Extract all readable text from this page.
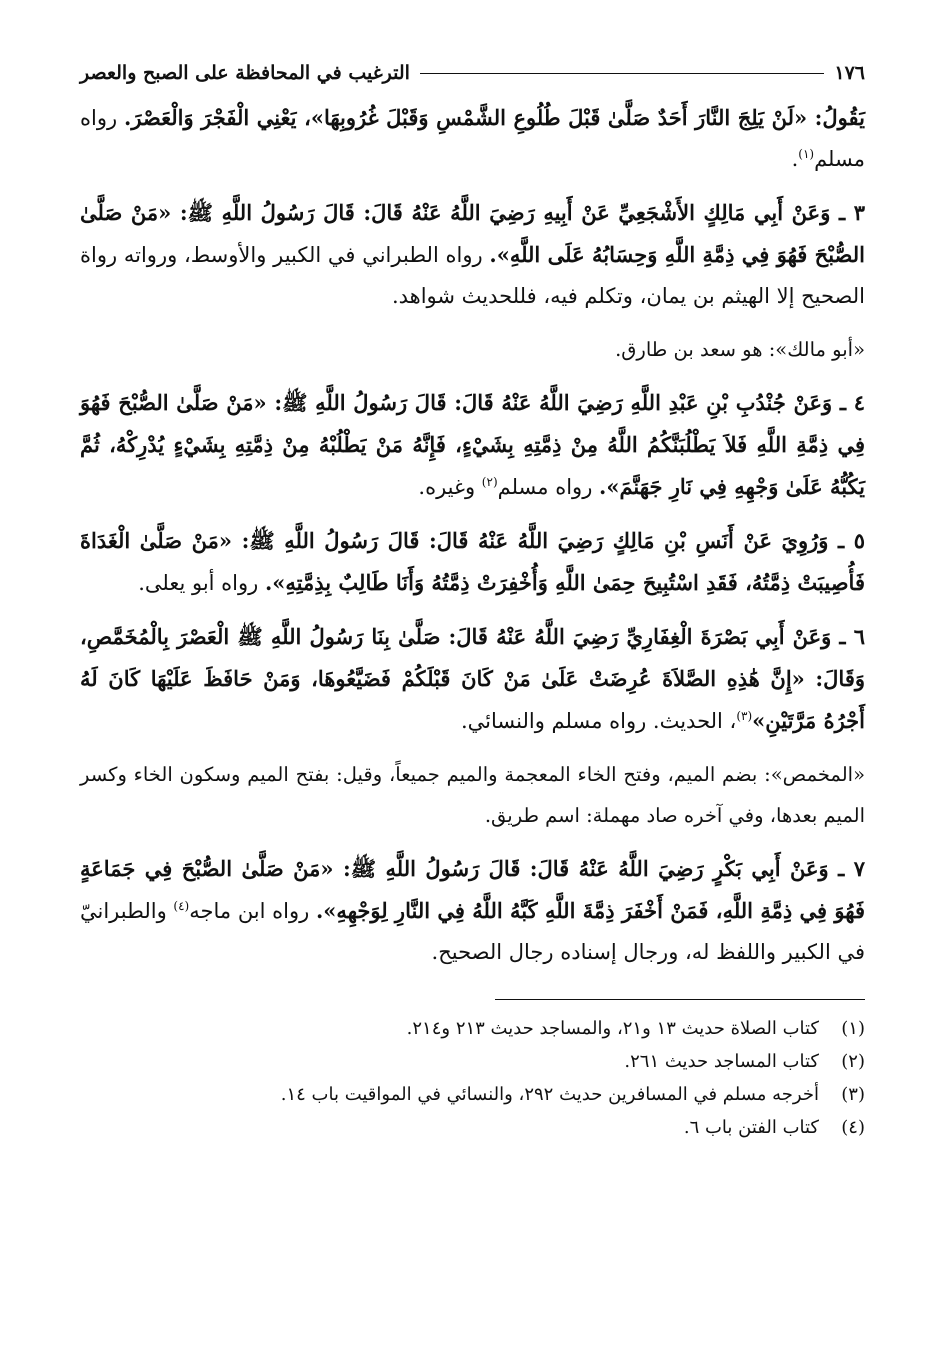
١٧٦
الترغيب في المحافظة على الصبح والعصر

يَقُولُ: «لَنْ يَلِجَ النَّارَ أَحَدٌ صَلَّىٰ قَبْلَ طُلُوعِ الشَّمْسِ وَقَبْلَ غُرُوبِهَا»، يَعْنِي الْفَجْرَ وَالْعَصْرَ. رواه مسلم$^{(١)}$.

٣ ـ وَعَنْ أَبِي مَالِكٍ الأَشْجَعِيِّ عَنْ أَبِيهِ رَضِيَ اللَّهُ عَنْهُ قَالَ: قَالَ رَسُولُ اللَّهِ ﷺ: «مَنْ صَلَّىٰ الصُّبْحَ فَهُوَ فِي ذِمَّةِ اللَّهِ وَحِسَابُهُ عَلَى اللَّهِ». رواه الطبراني في الكبير والأوسط، ورواته رواة الصحيح إلا الهيثم بن يمان، وتكلم فيه، فللحديث شواهد.

«أبو مالك»: هو سعد بن طارق.

٤ ـ وَعَنْ جُنْدُبِ بْنِ عَبْدِ اللَّهِ رَضِيَ اللَّهُ عَنْهُ قَالَ: قَالَ رَسُولُ اللَّهِ ﷺ: «مَنْ صَلَّىٰ الصُّبْحَ فَهُوَ فِي ذِمَّةِ اللَّهِ فَلاَ يَطْلُبَنَّكُمُ اللَّهُ مِنْ ذِمَّتِهِ بِشَيْءٍ، فَإِنَّهُ مَنْ يَطْلُبْهُ مِنْ ذِمَّتِهِ بِشَيْءٍ يُدْرِكْهُ، ثُمَّ يَكُبُّهُ عَلَىٰ وَجْهِهِ فِي نَارِ جَهَنَّمَ». رواه مسلم$^{(٢)}$ وغيره.

٥ ـ وَرُوِيَ عَنْ أَنَسِ بْنِ مَالِكٍ رَضِيَ اللَّهُ عَنْهُ قَالَ: قَالَ رَسُولُ اللَّهِ ﷺ: «مَنْ صَلَّىٰ الْغَدَاةَ فَأُصِيبَتْ ذِمَّتُهُ، فَقَدِ اسْتُبِيحَ حِمَىٰ اللَّهِ وَأُخْفِرَتْ ذِمَّتُهُ وَأَنَا طَالِبٌ بِذِمَّتِهِ». رواه أبو يعلى.

٦ ـ وَعَنْ أَبِي بَصْرَةَ الْغِفَارِيِّ رَضِيَ اللَّهُ عَنْهُ قَالَ: صَلَّىٰ بِنَا رَسُولُ اللَّهِ ﷺ الْعَصْرَ بِالْمُخَمَّصِ، وَقَالَ: «إِنَّ هَٰذِهِ الصَّلاَةَ عُرِضَتْ عَلَىٰ مَنْ كَانَ قَبْلَكُمْ فَضَيَّعُوهَا، وَمَنْ حَافَظَ عَلَيْهَا كَانَ لَهُ أَجْرُهُ مَرَّتَيْنِ»$^{(٣)}$، الحديث. رواه مسلم والنسائي.

«المخمص»: بضم الميم، وفتح الخاء المعجمة والميم جميعاً، وقيل: بفتح الميم وسكون الخاء وكسر الميم بعدها، وفي آخره صاد مهملة: اسم طريق.

٧ ـ وَعَنْ أَبِي بَكْرٍ رَضِيَ اللَّهُ عَنْهُ قَالَ: قَالَ رَسُولُ اللَّهِ ﷺ: «مَنْ صَلَّىٰ الصُّبْحَ فِي جَمَاعَةٍ فَهُوَ فِي ذِمَّةِ اللَّهِ، فَمَنْ أَخْفَرَ ذِمَّةَ اللَّهِ كَبَّهُ اللَّهُ فِي النَّارِ لِوَجْهِهِ». رواه ابن ماجه$^{(٤)}$ والطبرانيّ في الكبير واللفظ له، ورجال إسناده رجال الصحيح.

(١)
كتاب الصلاة حديث ١٣ و٢١، والمساجد حديث ٢١٣ و٢١٤.
(٢)
كتاب المساجد حديث ٢٦١.
(٣)
أخرجه مسلم في المسافرين حديث ٢٩٢، والنسائي في المواقيت باب ١٤.
(٤)
كتاب الفتن باب ٦.
